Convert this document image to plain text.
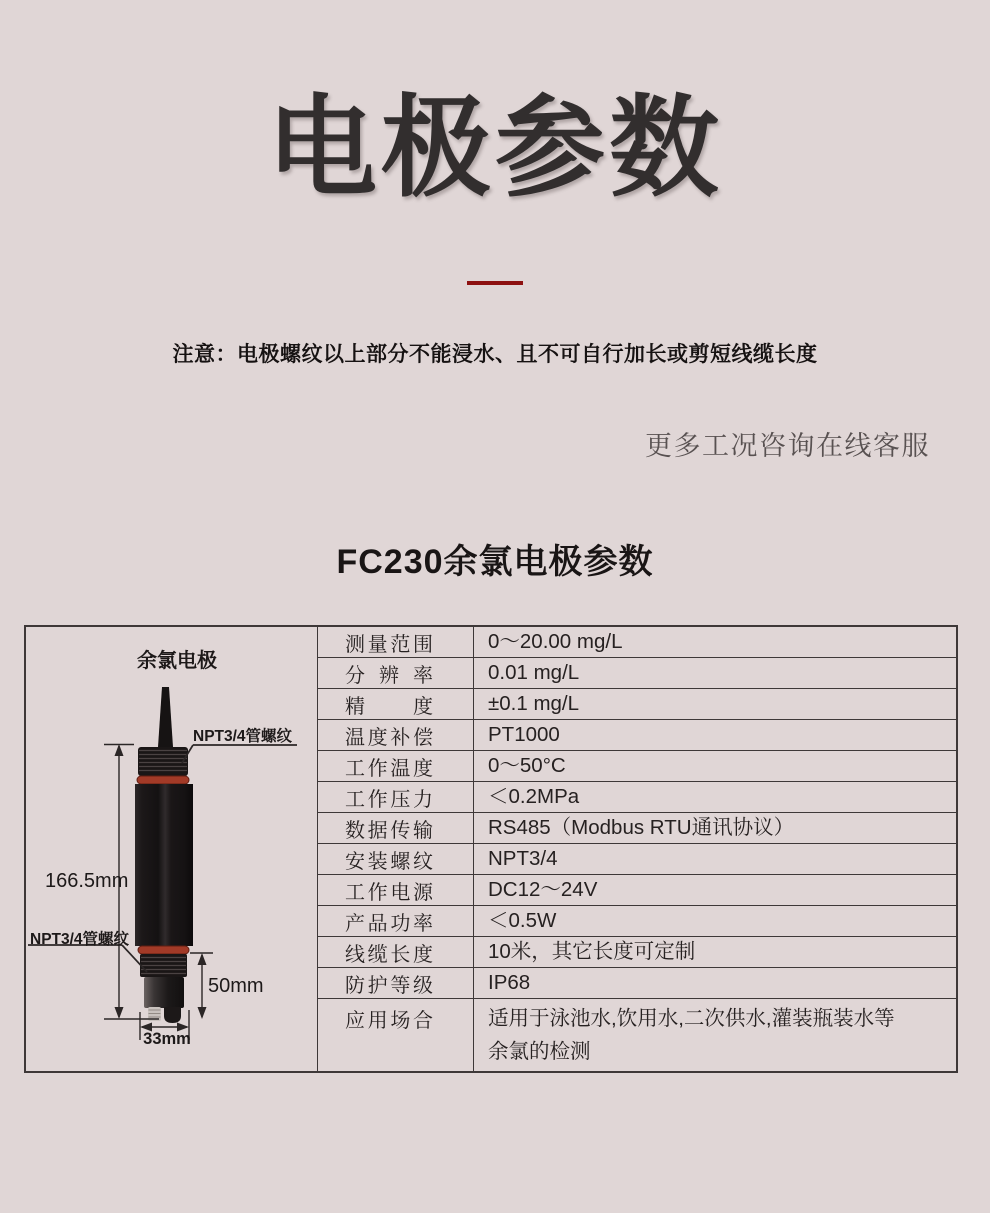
电极参数
注意：电极螺纹以上部分不能浸水、且不可自行加长或剪短线缆长度
更多工况咨询在线客服
FC230余氯电极参数
余氯电极
NPT3/4管螺纹
166.5mm
NPT3/4管螺纹
50mm
33mm
测量范围	0～20.00 mg/L
分辨率	0.01 mg/L
精度	±0.1 mg/L
温度补偿	PT1000
工作温度	0～50°C
工作压力	＜0.2MPa
数据传输	RS485（Modbus RTU通讯协议）
安装螺纹	NPT3/4
工作电源	DC12～24V
产品功率	＜0.5W
线缆长度	10米，其它长度可定制
防护等级	IP68
应用场合	适用于泳池水,饮用水,二次供水,灌装瓶装水等余氯的检测
